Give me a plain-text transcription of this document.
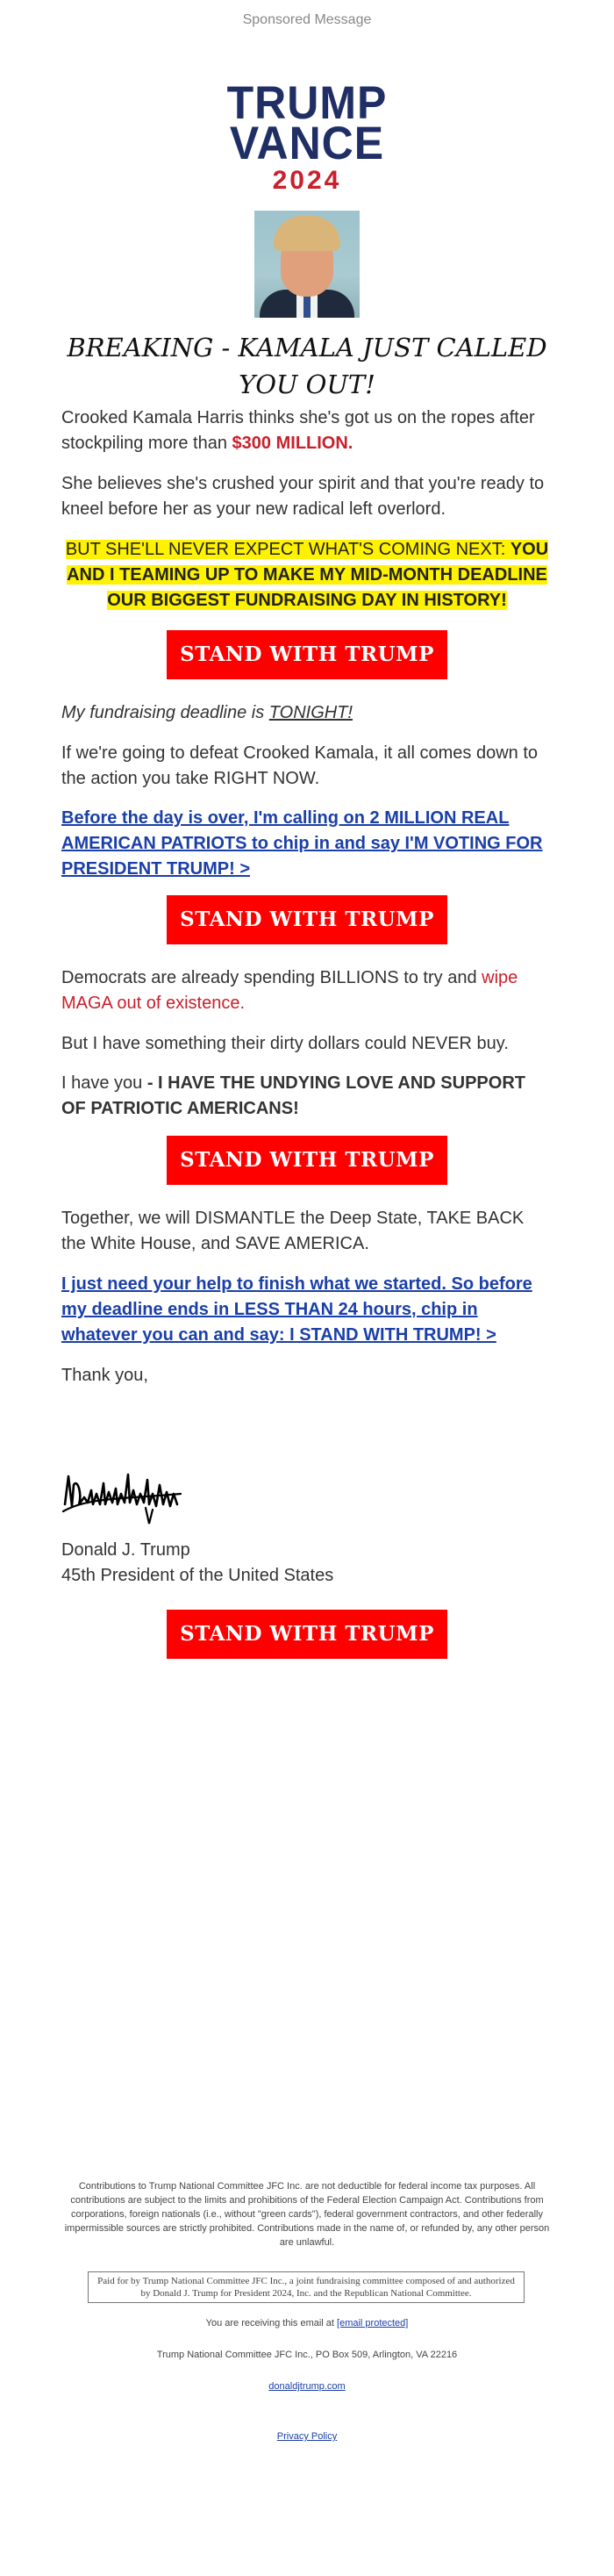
Sponsored Message
TRUMP
VANCE
2024
BREAKING - KAMALA JUST CALLED YOU OUT!

Crooked Kamala Harris thinks she's got us on the ropes after stockpiling more than $300 MILLION.

She believes she's crushed your spirit and that you're ready to kneel before her as your new radical left overlord.

BUT SHE'LL NEVER EXPECT WHAT'S COMING NEXT: YOU AND I TEAMING UP TO MAKE MY MID-MONTH DEADLINE OUR BIGGEST FUNDRAISING DAY IN HISTORY!
STAND WITH TRUMP

My fundraising deadline is TONIGHT!

If we're going to defeat Crooked Kamala, it all comes down to the action you take RIGHT NOW.

Before the day is over, I'm calling on 2 MILLION REAL AMERICAN PATRIOTS to chip in and say I'M VOTING FOR PRESIDENT TRUMP! >
STAND WITH TRUMP

Democrats are already spending BILLIONS to try and wipe MAGA out of existence.

But I have something their dirty dollars could NEVER buy.

I have you - I HAVE THE UNDYING LOVE AND SUPPORT OF PATRIOTIC AMERICANS!

STAND WITH TRUMP

Together, we will DISMANTLE the Deep State, TAKE BACK the White House, and SAVE AMERICA.

I just need your help to finish what we started. So before my deadline ends in LESS THAN 24 hours, chip in whatever you can and say: I STAND WITH TRUMP! >

Thank you,

Donald J. Trump

45th President of the United States

STAND WITH TRUMP
Contributions to Trump National Committee JFC Inc. are not deductible for federal income tax purposes. All contributions are subject to the limits and prohibitions of the Federal Election Campaign Act. Contributions from corporations, foreign nationals (i.e., without "green cards"), federal government contractors, and other federally impermissible sources are strictly prohibited. Contributions made in the name of, or refunded by, any other person are unlawful.
Paid for by Trump National Committee JFC Inc., a joint fundraising committee composed of and authorized by Donald J. Trump for President 2024, Inc. and the Republican National Committee.
You are receiving this email at [email protected]
Trump National Committee JFC Inc., PO Box 509, Arlington, VA 22216
donaldjtrump.com
Privacy Policy
